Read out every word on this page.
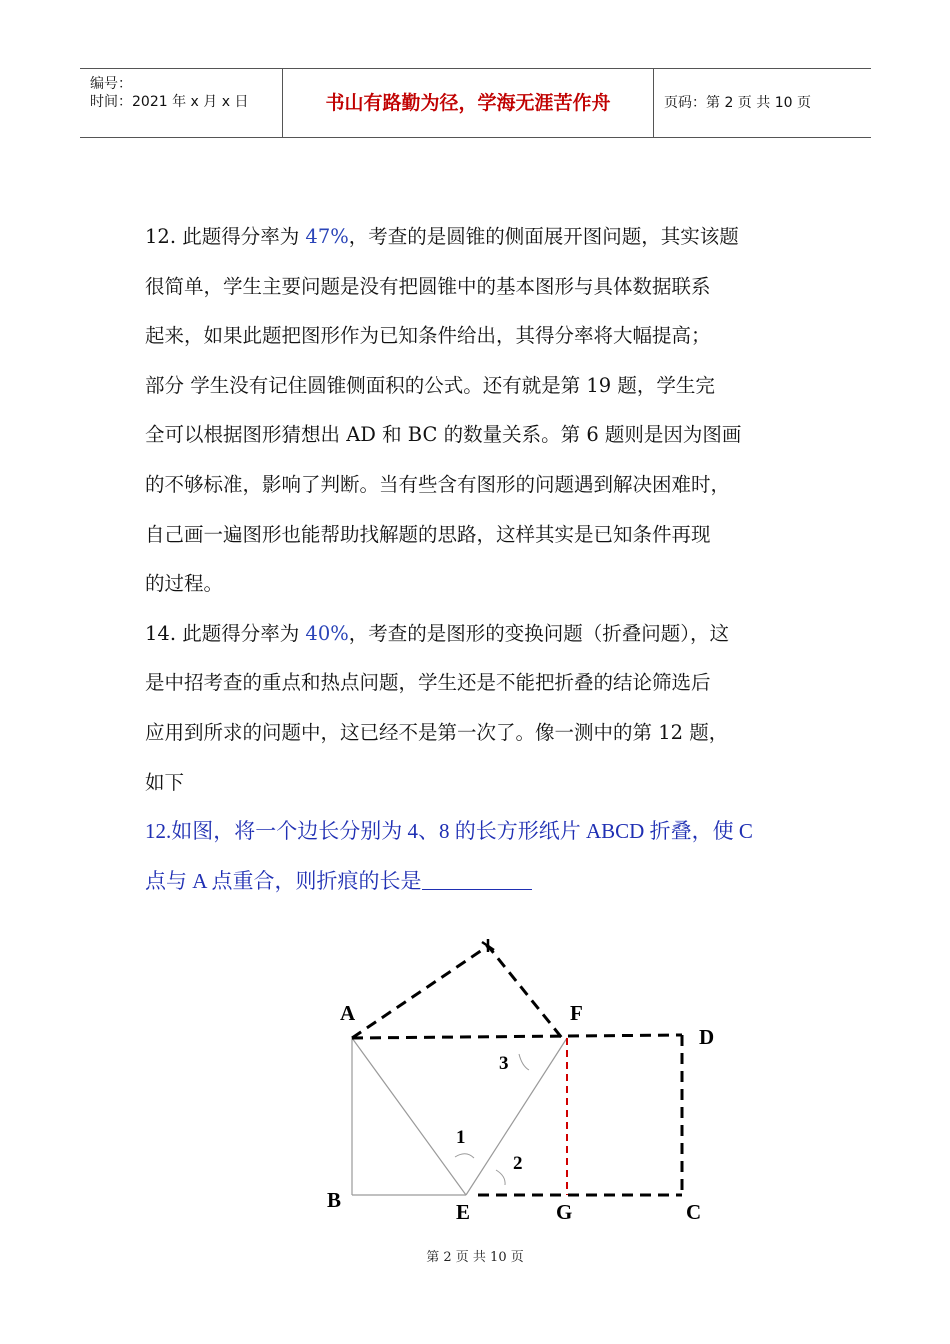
编号：
时间：2021 年 x 月 x 日	书山有路勤为径，学海无涯苦作舟	页码：第 2 页 共 10 页
12. 此题得分率为 47%，考查的是圆锥的侧面展开图问题，其实该题
很简单，学生主要问题是没有把圆锥中的基本图形与具体数据联系
起来，如果此题把图形作为已知条件给出，其得分率将大幅提高；
部分 学生没有记住圆锥侧面积的公式。还有就是第 19 题，学生完
全可以根据图形猜想出 AD 和 BC 的数量关系。第 6 题则是因为图画
的不够标准，影响了判断。当有些含有图形的问题遇到解决困难时，
自己画一遍图形也能帮助找解题的思路，这样其实是已知条件再现
的过程。
14. 此题得分率为 40%，考查的是图形的变换问题（折叠问题），这
是中招考查的重点和热点问题，学生还是不能把折叠的结论筛选后
应用到所求的问题中，这已经不是第一次了。像一测中的第 12 题，
如下
12.如图，将一个边长分别为 4、8 的长方形纸片 ABCD 折叠，使 C
点与 A 点重合，则折痕的长是
A	F
D
B	E	G	C
1
2
3
第 2 页 共 10 页
